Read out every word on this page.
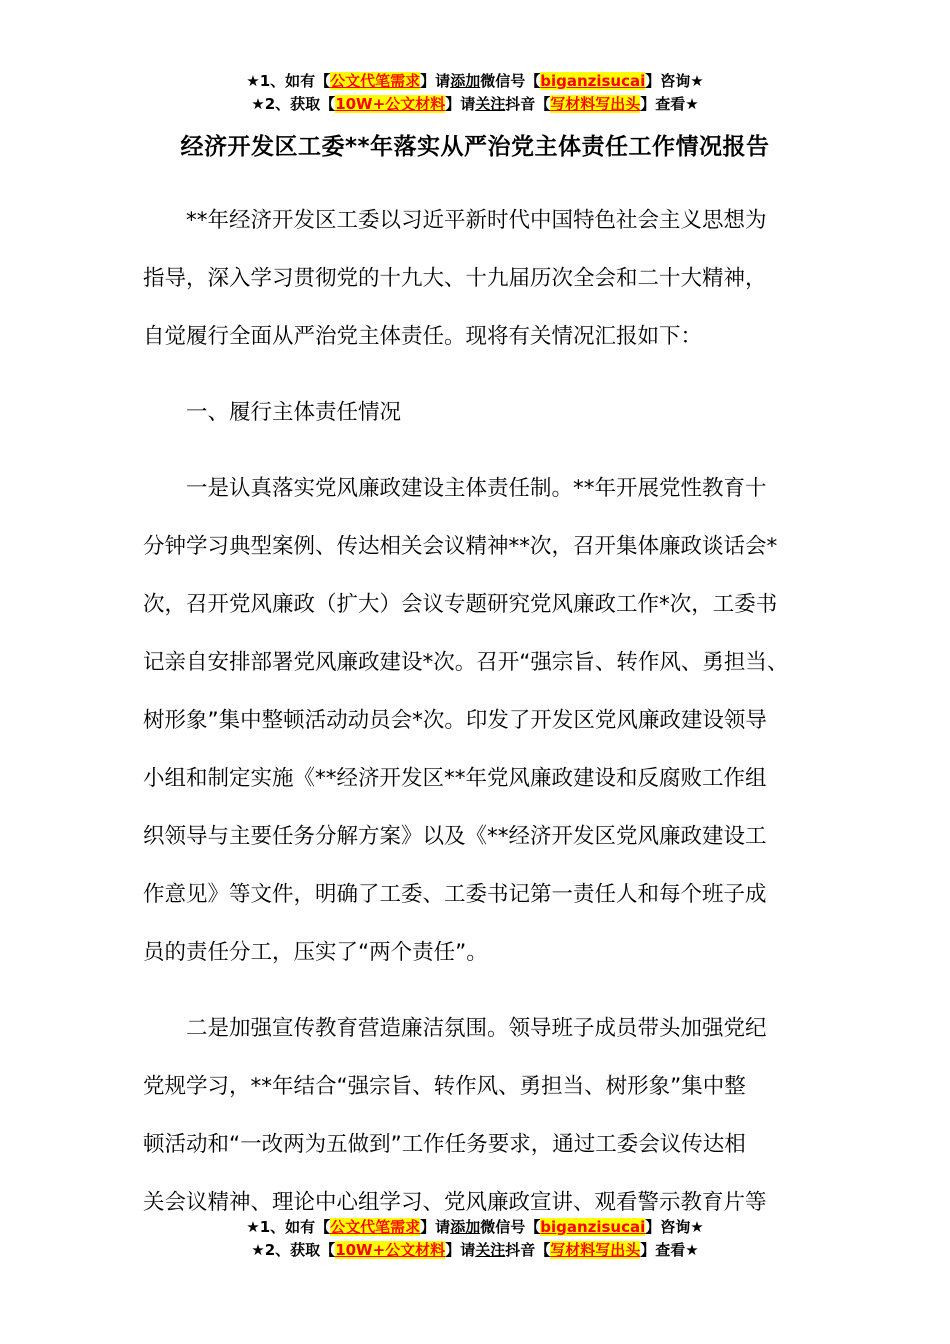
★1、如有【公文代笔需求】请添加微信号【biganzisucai】咨询★
★2、获取【10W+公文材料】请关注抖音【写材料写出头】查看★
经济开发区工委**年落实从严治党主体责任工作情况报告
　　**年经济开发区工委以习近平新时代中国特色社会主义思想为
指导，深入学习贯彻党的十九大、十九届历次全会和二十大精神，
自觉履行全面从严治党主体责任。现将有关情况汇报如下：
　　一、履行主体责任情况
　　一是认真落实党风廉政建设主体责任制。**年开展党性教育十
分钟学习典型案例、传达相关会议精神**次，召开集体廉政谈话会*
次，召开党风廉政（扩大）会议专题研究党风廉政工作*次，工委书
记亲自安排部署党风廉政建设*次。召开“强宗旨、转作风、勇担当、
树形象”集中整顿活动动员会*次。印发了开发区党风廉政建设领导
小组和制定实施《**经济开发区**年党风廉政建设和反腐败工作组
织领导与主要任务分解方案》以及《**经济开发区党风廉政建设工
作意见》等文件，明确了工委、工委书记第一责任人和每个班子成
员的责任分工，压实了“两个责任”。
　　二是加强宣传教育营造廉洁氛围。领导班子成员带头加强党纪
党规学习，**年结合“强宗旨、转作风、勇担当、树形象”集中整
顿活动和“一改两为五做到”工作任务要求，通过工委会议传达相
关会议精神、理论中心组学习、党风廉政宣讲、观看警示教育片等
★1、如有【公文代笔需求】请添加微信号【biganzisucai】咨询★
★2、获取【10W+公文材料】请关注抖音【写材料写出头】查看★
